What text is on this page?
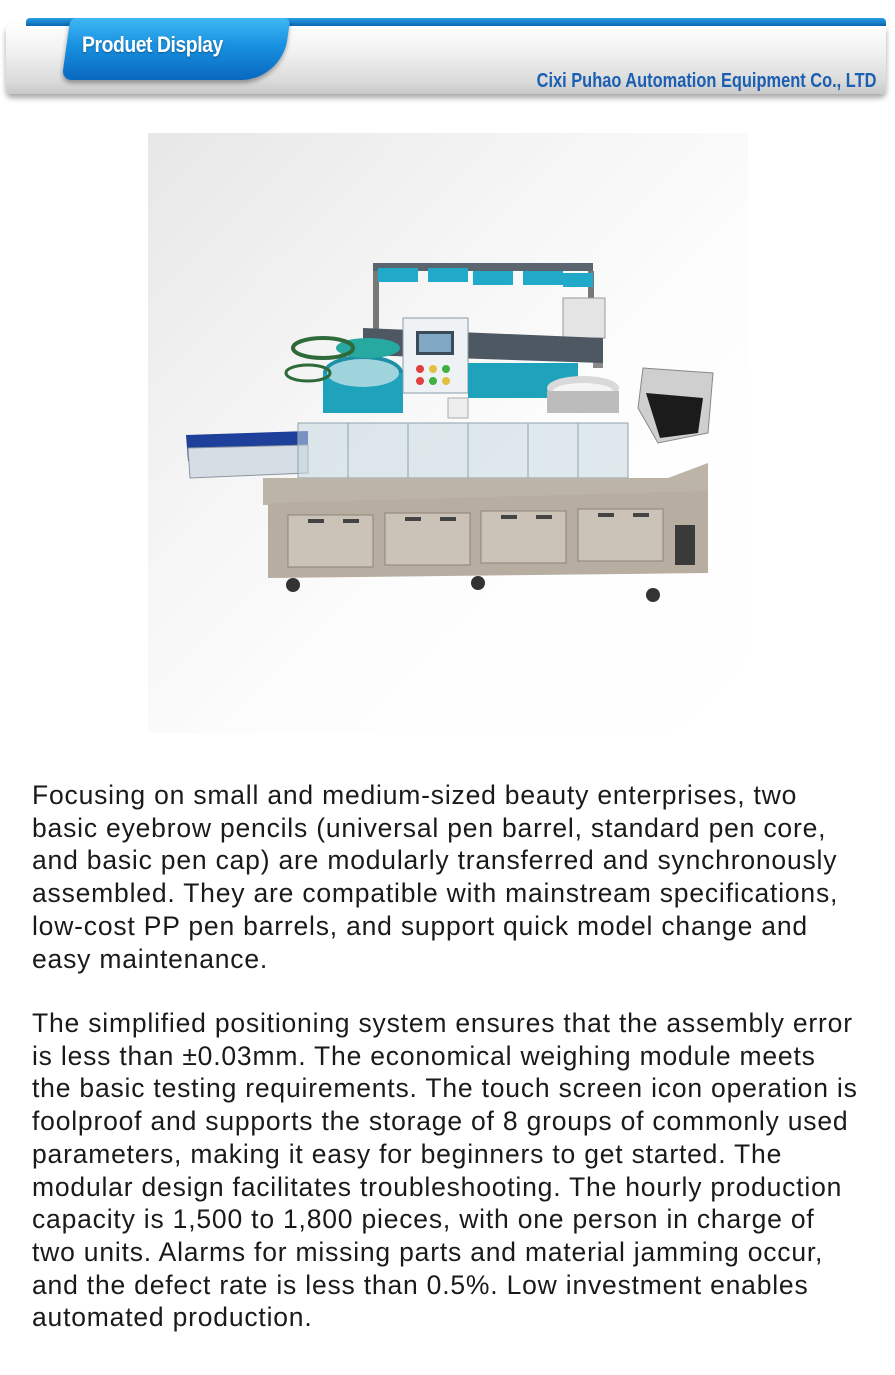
Produet Display
Cixi Puhao Automation Equipment Co., LTD

Focusing on small and medium-sized beauty enterprises, two basic eyebrow pencils (universal pen barrel, standard pen core, and basic pen cap) are modularly transferred and synchronously assembled. They are compatible with mainstream specifications, low-cost PP pen barrels, and support quick model change and easy maintenance.

The simplified positioning system ensures that the assembly error is less than ±0.03mm. The economical weighing module meets the basic testing requirements. The touch screen icon operation is foolproof and supports the storage of 8 groups of commonly used parameters, making it easy for beginners to get started. The modular design facilitates troubleshooting. The hourly production capacity is 1,500 to 1,800 pieces, with one person in charge of two units. Alarms for missing parts and material jamming occur, and the defect rate is less than 0.5%. Low investment enables automated production.
